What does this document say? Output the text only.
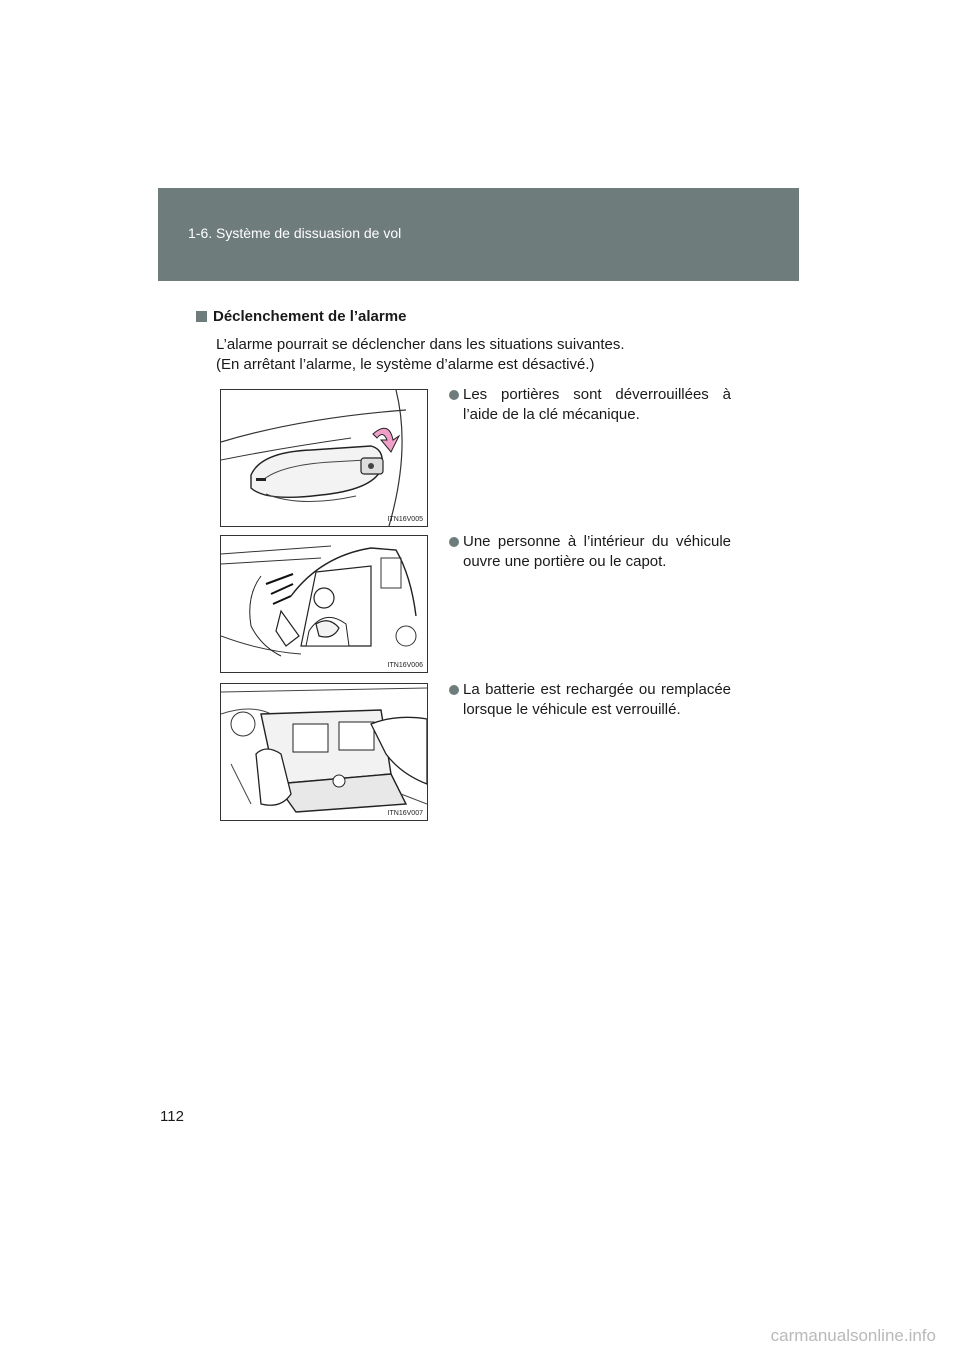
1-6. Système de dissuasion de vol
Déclenchement de l’alarme
L’alarme pourrait se déclencher dans les situations suivantes.
(En arrêtant l’alarme, le système d’alarme est désactivé.)
ITN16V005
ITN16V006
ITN16V007
Les portières sont déverrouillées à l’aide de la clé mécanique.
Une personne à l’intérieur du véhicule ouvre une portière ou le capot.
La batterie est rechargée ou remplacée lorsque le véhicule est verrouillé.
112
carmanualsonline.info
